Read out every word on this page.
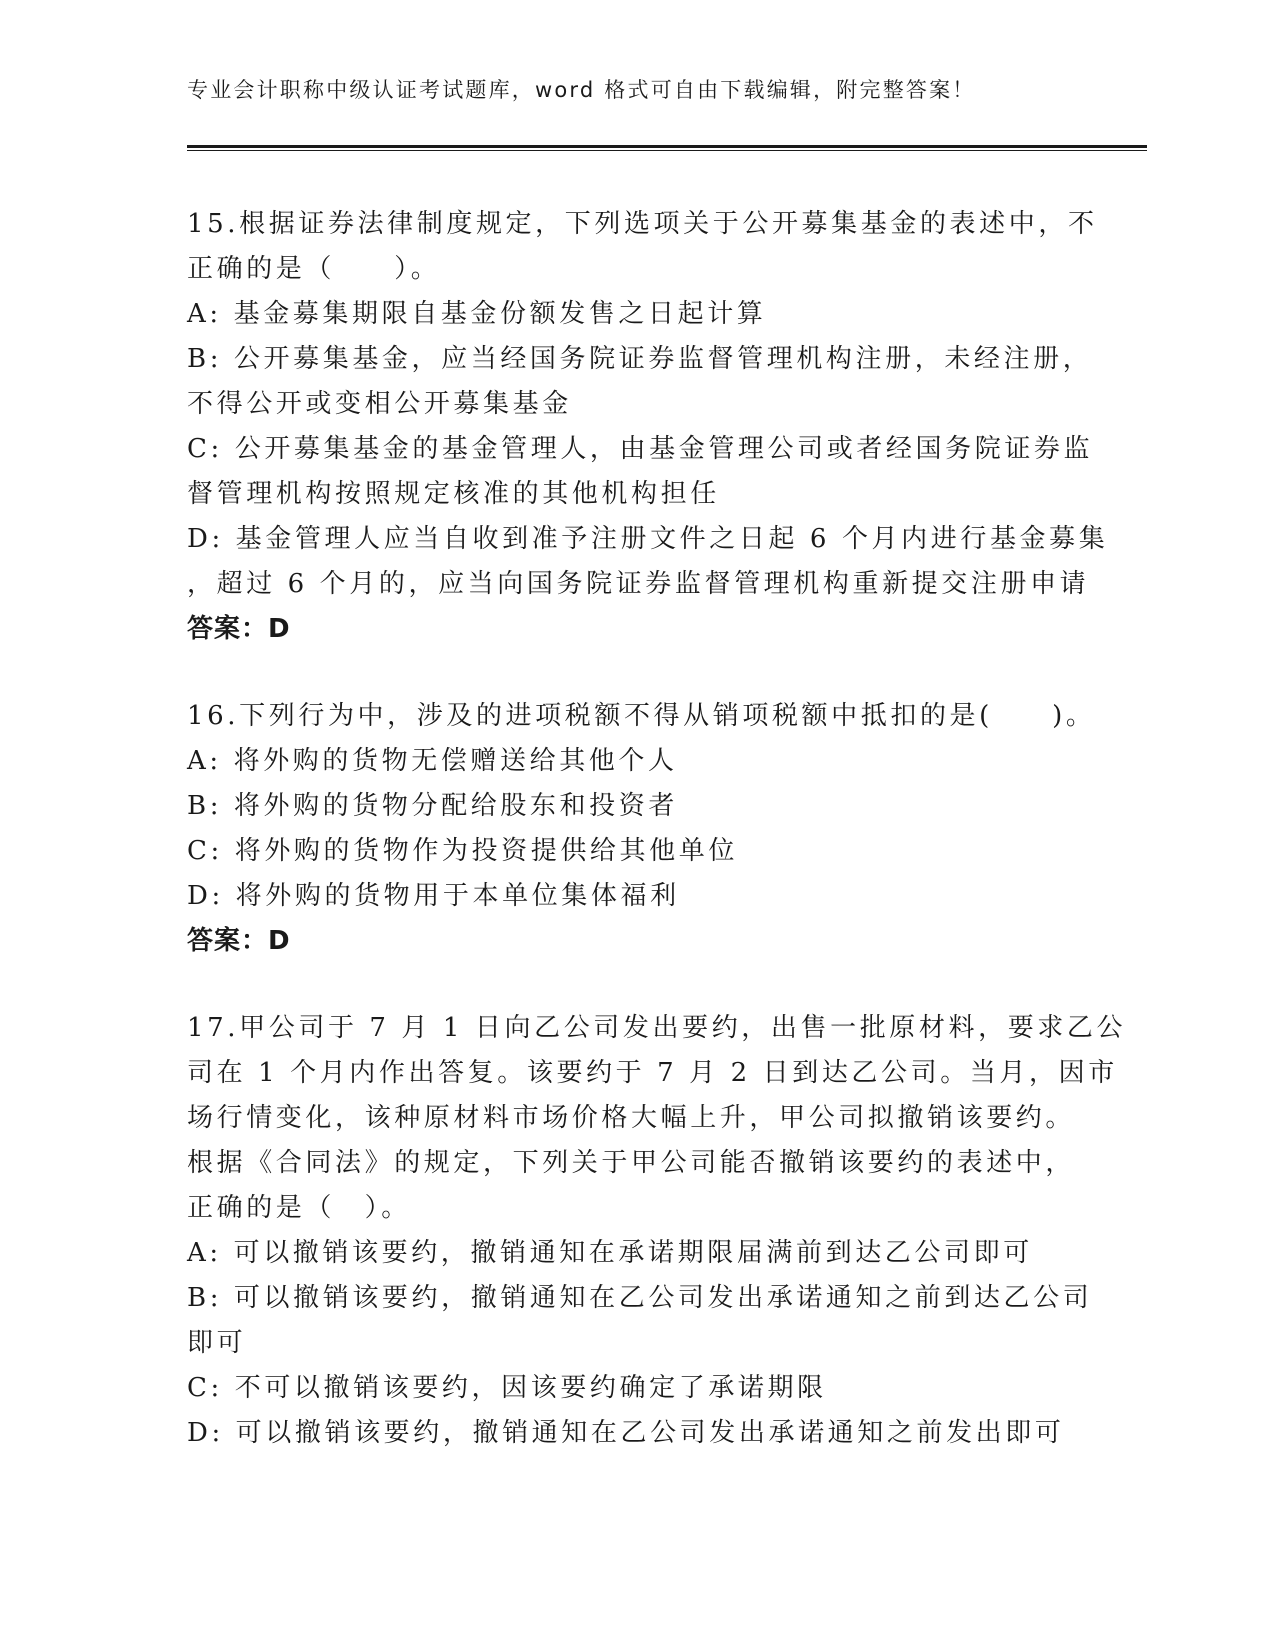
专业会计职称中级认证考试题库，word 格式可自由下载编辑，附完整答案！
15.根据证券法律制度规定，下列选项关于公开募集基金的表述中，不
正确的是（　　）。
A: 基金募集期限自基金份额发售之日起计算
B: 公开募集基金，应当经国务院证券监督管理机构注册，未经注册，
不得公开或变相公开募集基金
C: 公开募集基金的基金管理人，由基金管理公司或者经国务院证券监
督管理机构按照规定核准的其他机构担任
D: 基金管理人应当自收到准予注册文件之日起 6 个月内进行基金募集
，超过 6 个月的，应当向国务院证券监督管理机构重新提交注册申请
答案：D
16.下列行为中，涉及的进项税额不得从销项税额中抵扣的是(　　)。
A: 将外购的货物无偿赠送给其他个人
B: 将外购的货物分配给股东和投资者
C: 将外购的货物作为投资提供给其他单位
D: 将外购的货物用于本单位集体福利
答案：D
17.甲公司于 7 月 1 日向乙公司发出要约，出售一批原材料，要求乙公
司在 1 个月内作出答复。该要约于 7 月 2 日到达乙公司。当月，因市
场行情变化，该种原材料市场价格大幅上升，甲公司拟撤销该要约。
根据《合同法》的规定，下列关于甲公司能否撤销该要约的表述中，
正确的是（　）。
A: 可以撤销该要约，撤销通知在承诺期限届满前到达乙公司即可
B: 可以撤销该要约，撤销通知在乙公司发出承诺通知之前到达乙公司
即可
C: 不可以撤销该要约，因该要约确定了承诺期限
D: 可以撤销该要约，撤销通知在乙公司发出承诺通知之前发出即可
